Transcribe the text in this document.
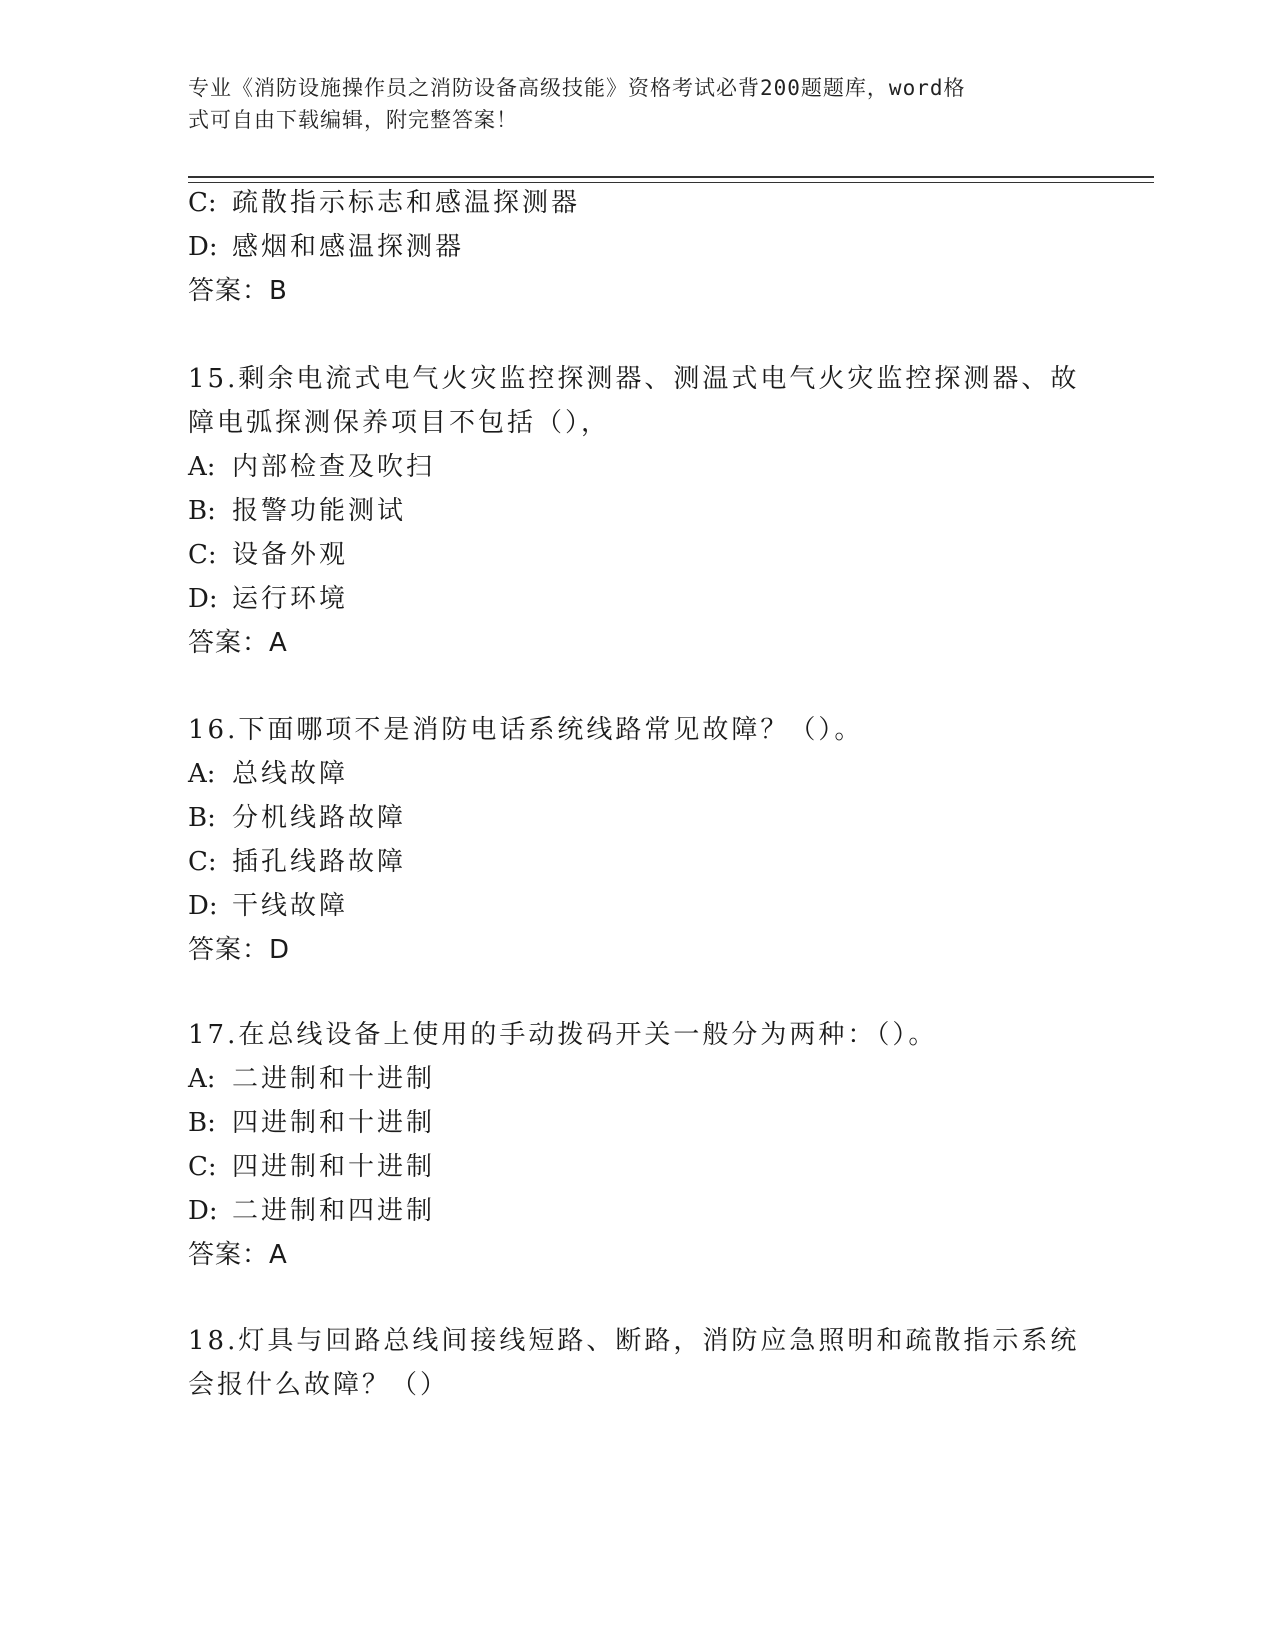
专业《消防设施操作员之消防设备高级技能》资格考试必背200题题库，word格
式可自由下载编辑，附完整答案！
C: 疏散指示标志和感温探测器
D: 感烟和感温探测器
答案：B
15.剩余电流式电气火灾监控探测器、测温式电气火灾监控探测器、故
障电弧探测保养项目不包括（），
A: 内部检查及吹扫
B: 报警功能测试
C: 设备外观
D: 运行环境
答案：A
16.下面哪项不是消防电话系统线路常见故障？（）。
A: 总线故障
B: 分机线路故障
C: 插孔线路故障
D: 干线故障
答案：D
17.在总线设备上使用的手动拨码开关一般分为两种：（）。
A: 二进制和十进制
B: 四进制和十进制
C: 四进制和十进制
D: 二进制和四进制
答案：A
18.灯具与回路总线间接线短路、断路，消防应急照明和疏散指示系统
会报什么故障？（）
